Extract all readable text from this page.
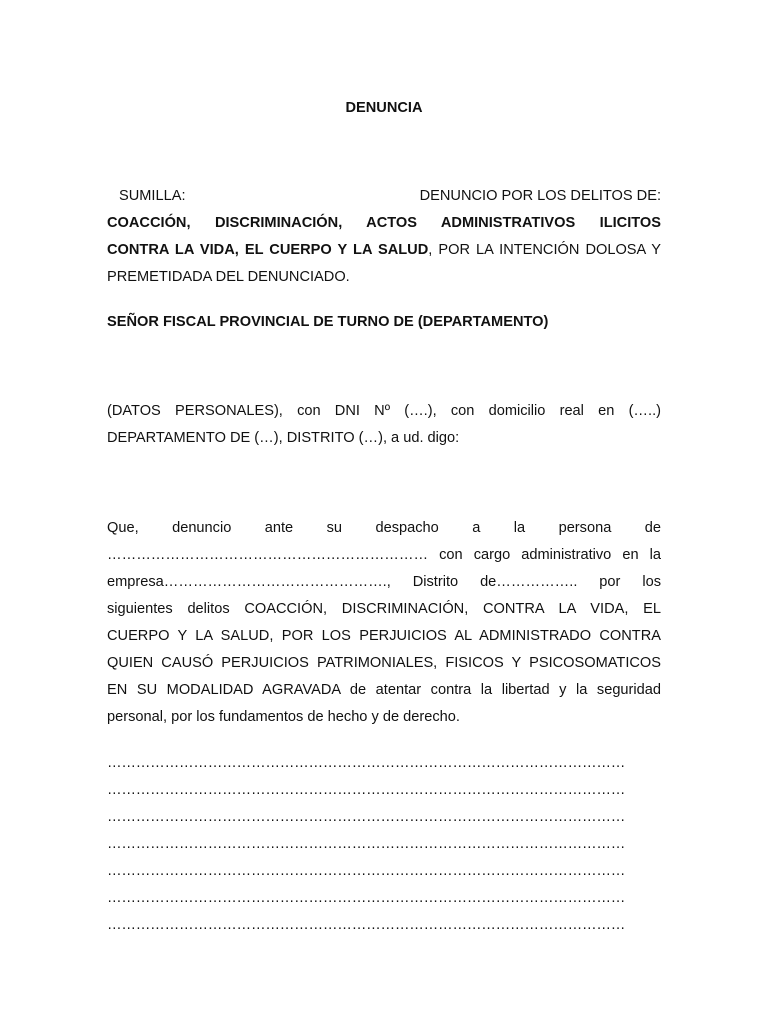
DENUNCIA
SUMILLA:	DENUNCIO POR LOS DELITOS DE:
COACCIÓN, DISCRIMINACIÓN, ACTOS ADMINISTRATIVOS ILICITOS
CONTRA LA VIDA, EL CUERPO Y LA SALUD, POR LA INTENCIÓN DOLOSA Y
PREMETIDADA DEL DENUNCIADO.

SEÑOR FISCAL PROVINCIAL DE TURNO DE (DEPARTAMENTO)

(DATOS PERSONALES), con DNI Nº (….), con domicilio real en (…..)
DEPARTAMENTO DE (…), DISTRITO (…), a ud. digo:
Que, denuncio ante su despacho a la persona de
………………………………………………………… con cargo administrativo en la
empresa………………………………………., Distrito de…………….. por los
siguientes delitos COACCIÓN, DISCRIMINACIÓN, CONTRA LA VIDA, EL
CUERPO Y LA SALUD, POR LOS PERJUICIOS AL ADMINISTRADO CONTRA
QUIEN CAUSÓ PERJUICIOS PATRIMONIALES, FISICOS Y PSICOSOMATICOS
EN SU MODALIDAD AGRAVADA de atentar contra la libertad y la seguridad
personal, por los fundamentos de hecho y de derecho.
………………………………………………………………………………………………
………………………………………………………………………………………………
………………………………………………………………………………………………
………………………………………………………………………………………………
………………………………………………………………………………………………
………………………………………………………………………………………………
………………………………………………………………………………………………
